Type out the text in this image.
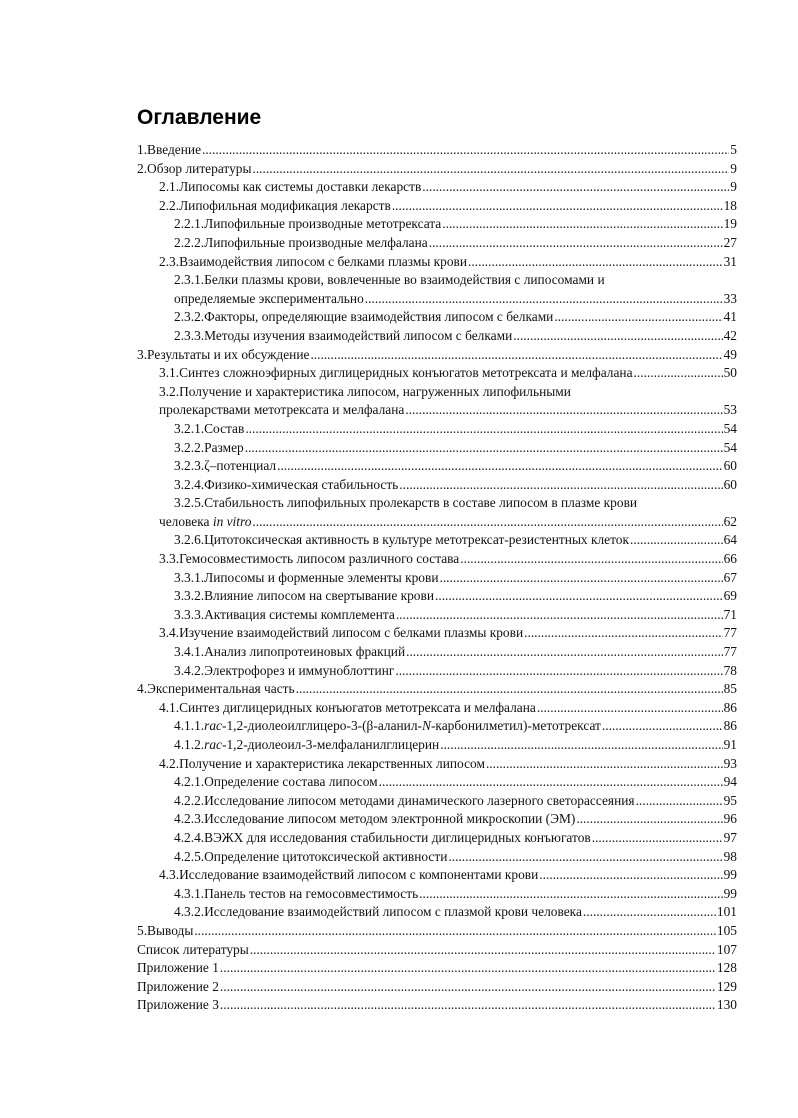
Оглавление
1.Введение .....	5
2.Обзор литературы .....	9
2.1.Липосомы как системы доставки лекарств .....	9
2.2.Липофильная модификация лекарств .....	18
2.2.1.Липофильные производные метотрексата .....	19
2.2.2.Липофильные производные мелфалана .....	27
2.3.Взаимодействия липосом с белками плазмы крови .....	31
2.3.1.Белки плазмы крови, вовлеченные во взаимодействия с липосомами и
определяемые экспериментально .....	33
2.3.2.Факторы, определяющие взаимодействия липосом с белками .....	41
2.3.3.Методы изучения взаимодействий липосом с белками .....	42
3.Результаты и их обсуждение .....	49
3.1.Синтез сложноэфирных диглицеридных конъюгатов метотрексата и мелфалана .....	50
3.2.Получение и характеристика липосом, нагруженных липофильными
пролекарствами метотрексата и мелфалана .....	53
3.2.1.Состав .....	54
3.2.2.Размер .....	54
3.2.3.ζ–потенциал .....	60
3.2.4.Физико-химическая стабильность .....	60
3.2.5.Стабильность липофильных пролекарств в составе липосом в плазме крови
человека in vitro .....	62
3.2.6.Цитотоксическая активность в культуре метотрексат-резистентных клеток .....	64
3.3.Гемосовместимость липосом различного состава .....	66
3.3.1.Липосомы и форменные элементы крови .....	67
3.3.2.Влияние липосом на свертывание крови .....	69
3.3.3.Активация системы комплемента .....	71
3.4.Изучение взаимодействий липосом с белками плазмы крови .....	77
3.4.1.Анализ липопротеиновых фракций .....	77
3.4.2.Электрофорез и иммуноблоттинг .....	78
4.Экспериментальная часть .....	85
4.1.Синтез диглицеридных конъюгатов метотрексата и мелфалана .....	86
4.1.1.rac-1,2-диолеоилглицеро-3-(β-аланил-N-карбонилметил)-метотрексат .....	86
4.1.2.rac-1,2-диолеоил-3-мелфаланилглицерин .....	91
4.2.Получение и характеристика лекарственных липосом .....	93
4.2.1.Определение состава липосом .....	94
4.2.2.Исследование липосом методами динамического лазерного светорассеяния .....	95
4.2.3.Исследование липосом методом электронной микроскопии (ЭМ) .....	96
4.2.4.ВЭЖХ для исследования стабильности диглицеридных конъюгатов .....	97
4.2.5.Определение цитотоксической активности .....	98
4.3.Исследование взаимодействий липосом с компонентами крови .....	99
4.3.1.Панель тестов на гемосовместимость .....	99
4.3.2.Исследование взаимодействий липосом с плазмой крови человека .....	101
5.Выводы .....	105
Список литературы .....	107
Приложение 1 .....	128
Приложение 2 .....	129
Приложение 3 .....	130
